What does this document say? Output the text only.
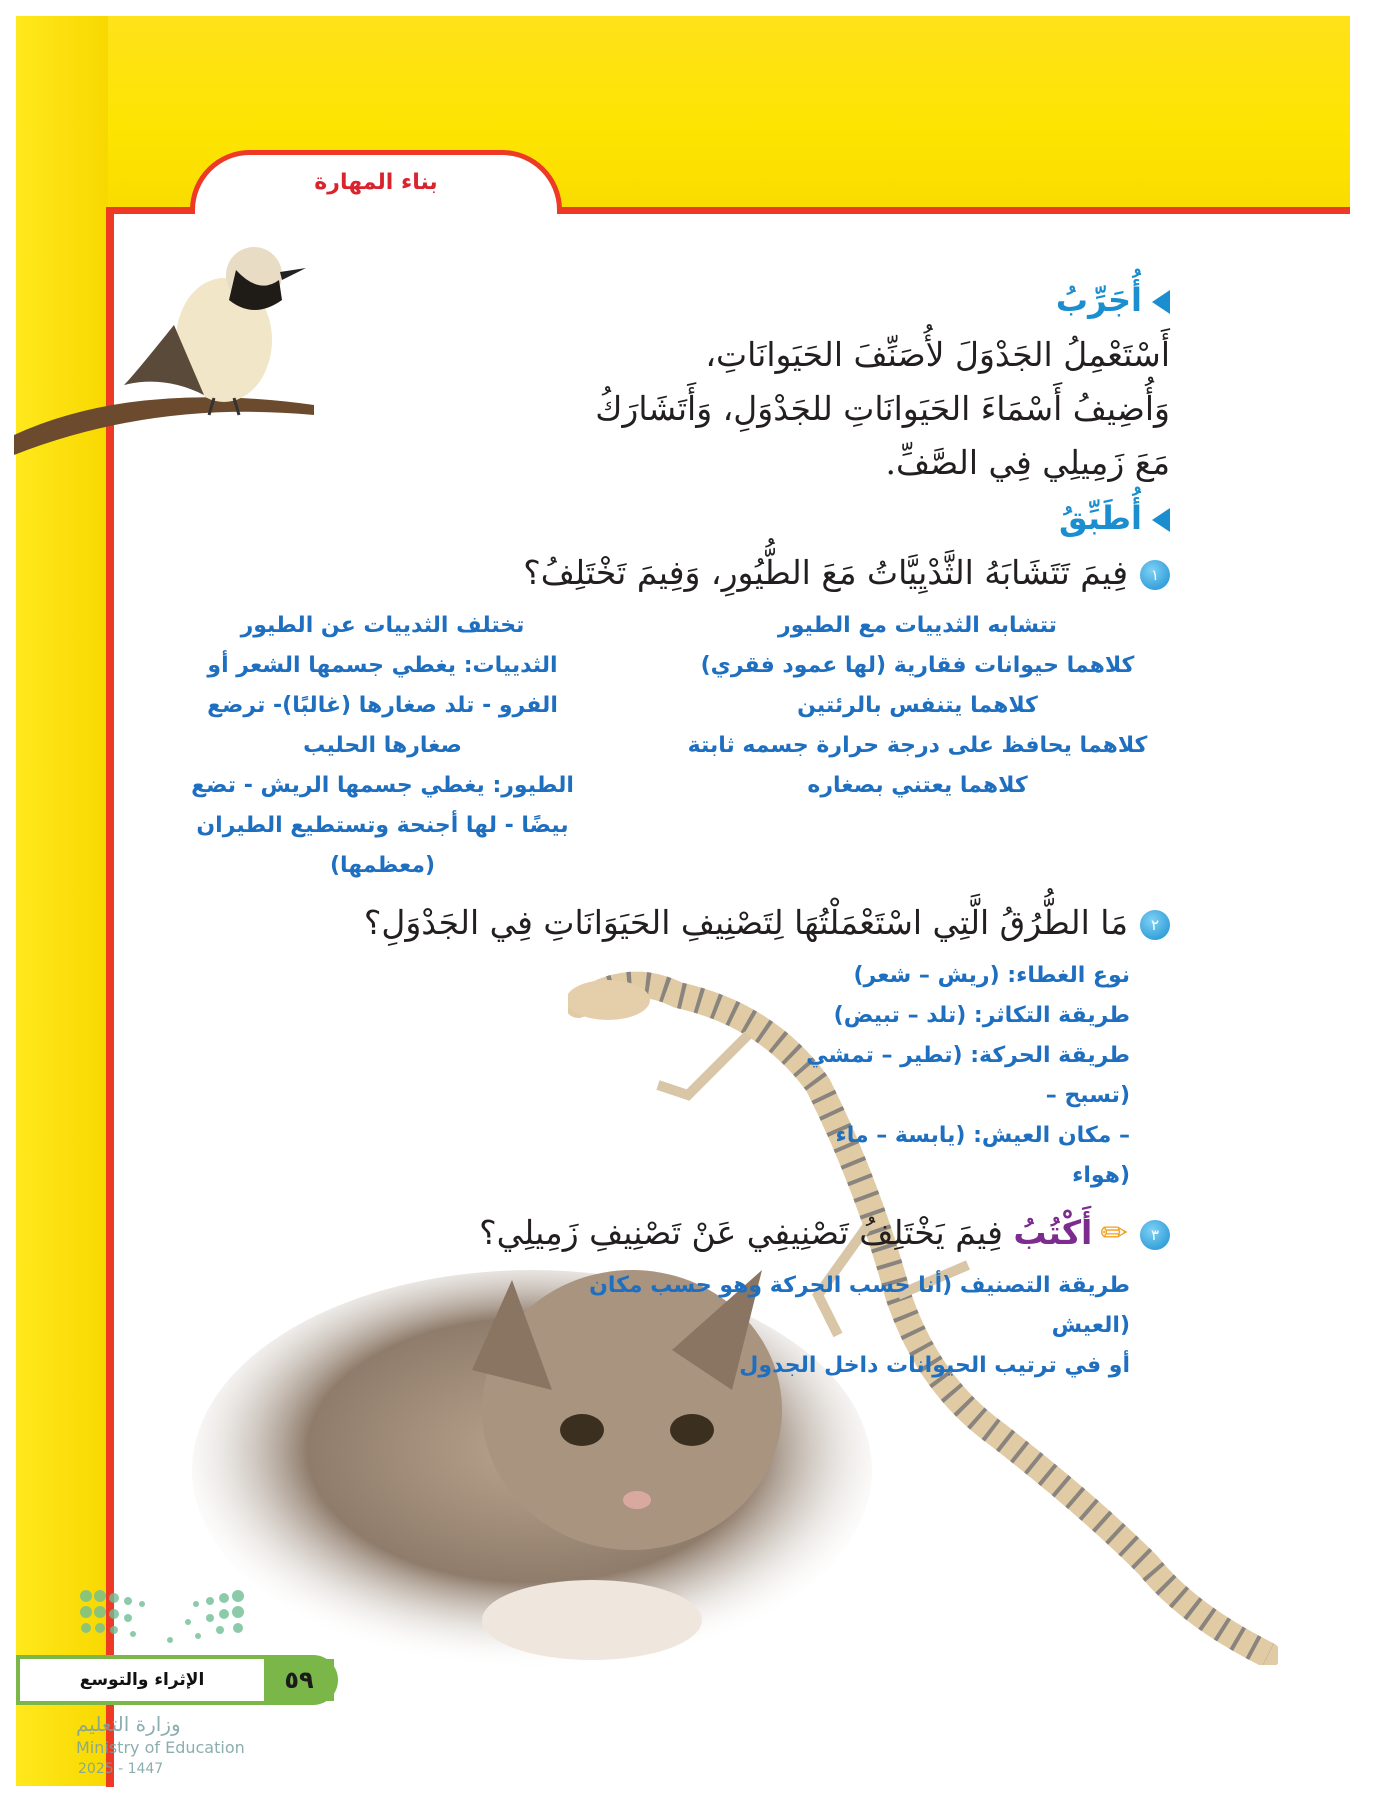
بناء المهارة
أُجَرِّبُ
أَسْتَعْمِلُ الجَدْوَلَ لأُصَنِّفَ الحَيَوانَاتِ،
وَأُضِيفُ أَسْمَاءَ الحَيَوانَاتِ للجَدْوَلِ، وَأَتَشَارَكُ
مَعَ زَمِيلِي فِي الصَّفِّ.
أُطَبِّقُ
١فِيمَ تَتَشَابَهُ الثَّدْيِيَّاتُ مَعَ الطُّيُورِ، وَفِيمَ تَخْتَلِفُ؟
تتشابه الثدييات مع الطيور
كلاهما حيوانات فقارية (لها عمود فقري)
كلاهما يتنفس بالرئتين
كلاهما يحافظ على درجة حرارة جسمه ثابتة
كلاهما يعتني بصغاره
تختلف الثدييات عن الطيور
الثدييات: يغطي جسمها الشعر أو
الفرو - تلد صغارها (غالبًا)- ترضع
صغارها الحليب
الطيور: يغطي جسمها الريش - تضع
بيضًا - لها أجنحة وتستطيع الطيران
(معظمها)
٢مَا الطُّرُقُ الَّتِي اسْتَعْمَلْتُهَا لِتَصْنِيفِ الحَيَوَانَاتِ فِي الجَدْوَلِ؟
نوع الغطاء: (ريش – شعر)
طريقة التكاثر: (تلد – تبيض)
طريقة الحركة: (تطير – تمشي
(تسبح –
– مكان العيش: (يابسة – ماء
(هواء
٣✏أَكْتُبُ فِيمَ يَخْتَلِفُ تَصْنِيفِي عَنْ تَصْنِيفِ زَمِيلِي؟
طريقة التصنيف (أنا حسب الحركة وهو حسب مكان
(العيش
أو في ترتيب الحيوانات داخل الجدول
٥٩
الإثراء والتوسع
وزارة التعليم
Ministry of Education
2025 - 1447
